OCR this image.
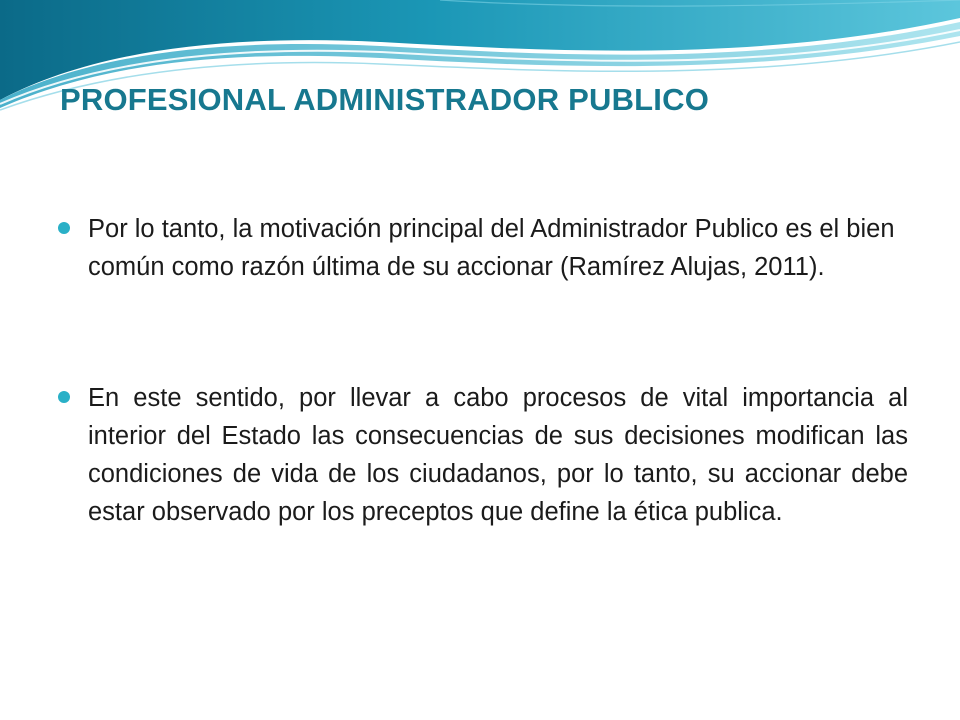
PROFESIONAL ADMINISTRADOR PUBLICO
Por lo tanto, la motivación principal del Administrador Publico es el bien común como razón última de su accionar (Ramírez Alujas, 2011).
En este sentido, por llevar a cabo procesos de vital importancia al interior del Estado las consecuencias de sus decisiones modifican las condiciones de vida de los ciudadanos, por lo tanto, su accionar debe estar observado por los preceptos que define la ética publica.
